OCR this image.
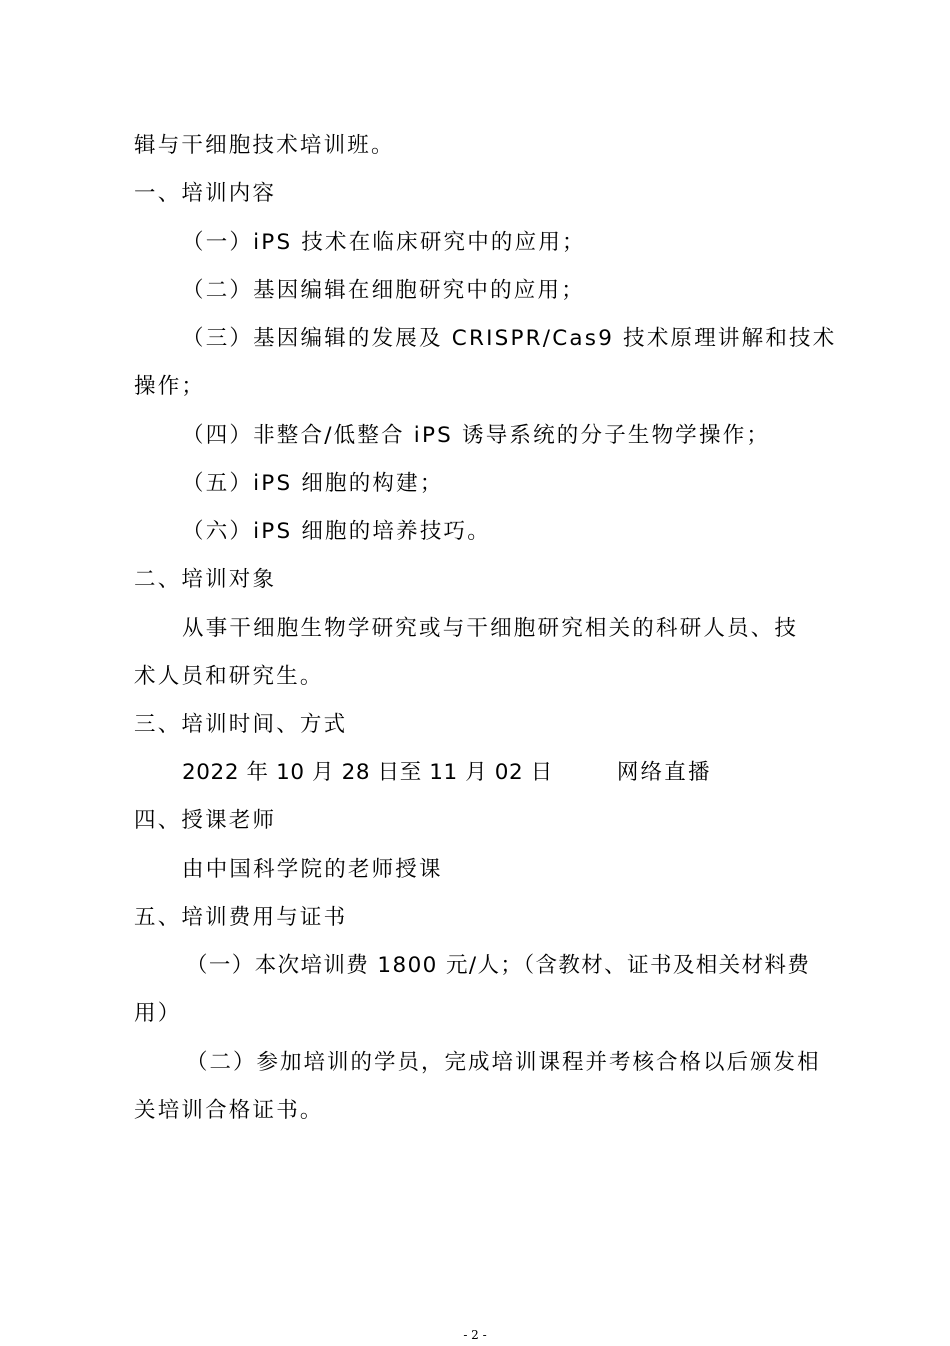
辑与干细胞技术培训班。
一、培训内容
（一）iPS 技术在临床研究中的应用；
（二）基因编辑在细胞研究中的应用；
（三）基因编辑的发展及 CRISPR/Cas9 技术原理讲解和技术
操作；
（四）非整合/低整合 iPS 诱导系统的分子生物学操作；
（五）iPS 细胞的构建；
（六）iPS 细胞的培养技巧。
二、培训对象
从事干细胞生物学研究或与干细胞研究相关的科研人员、技
术人员和研究生。
三、培训时间、方式
2022 年 10 月 28 日至 11 月 02 日	网络直播
四、授课老师
由中国科学院的老师授课
五、培训费用与证书
（一）本次培训费 1800 元/人；（含教材、证书及相关材料费
用）
（二）参加培训的学员，完成培训课程并考核合格以后颁发相
关培训合格证书。
- 2 -
